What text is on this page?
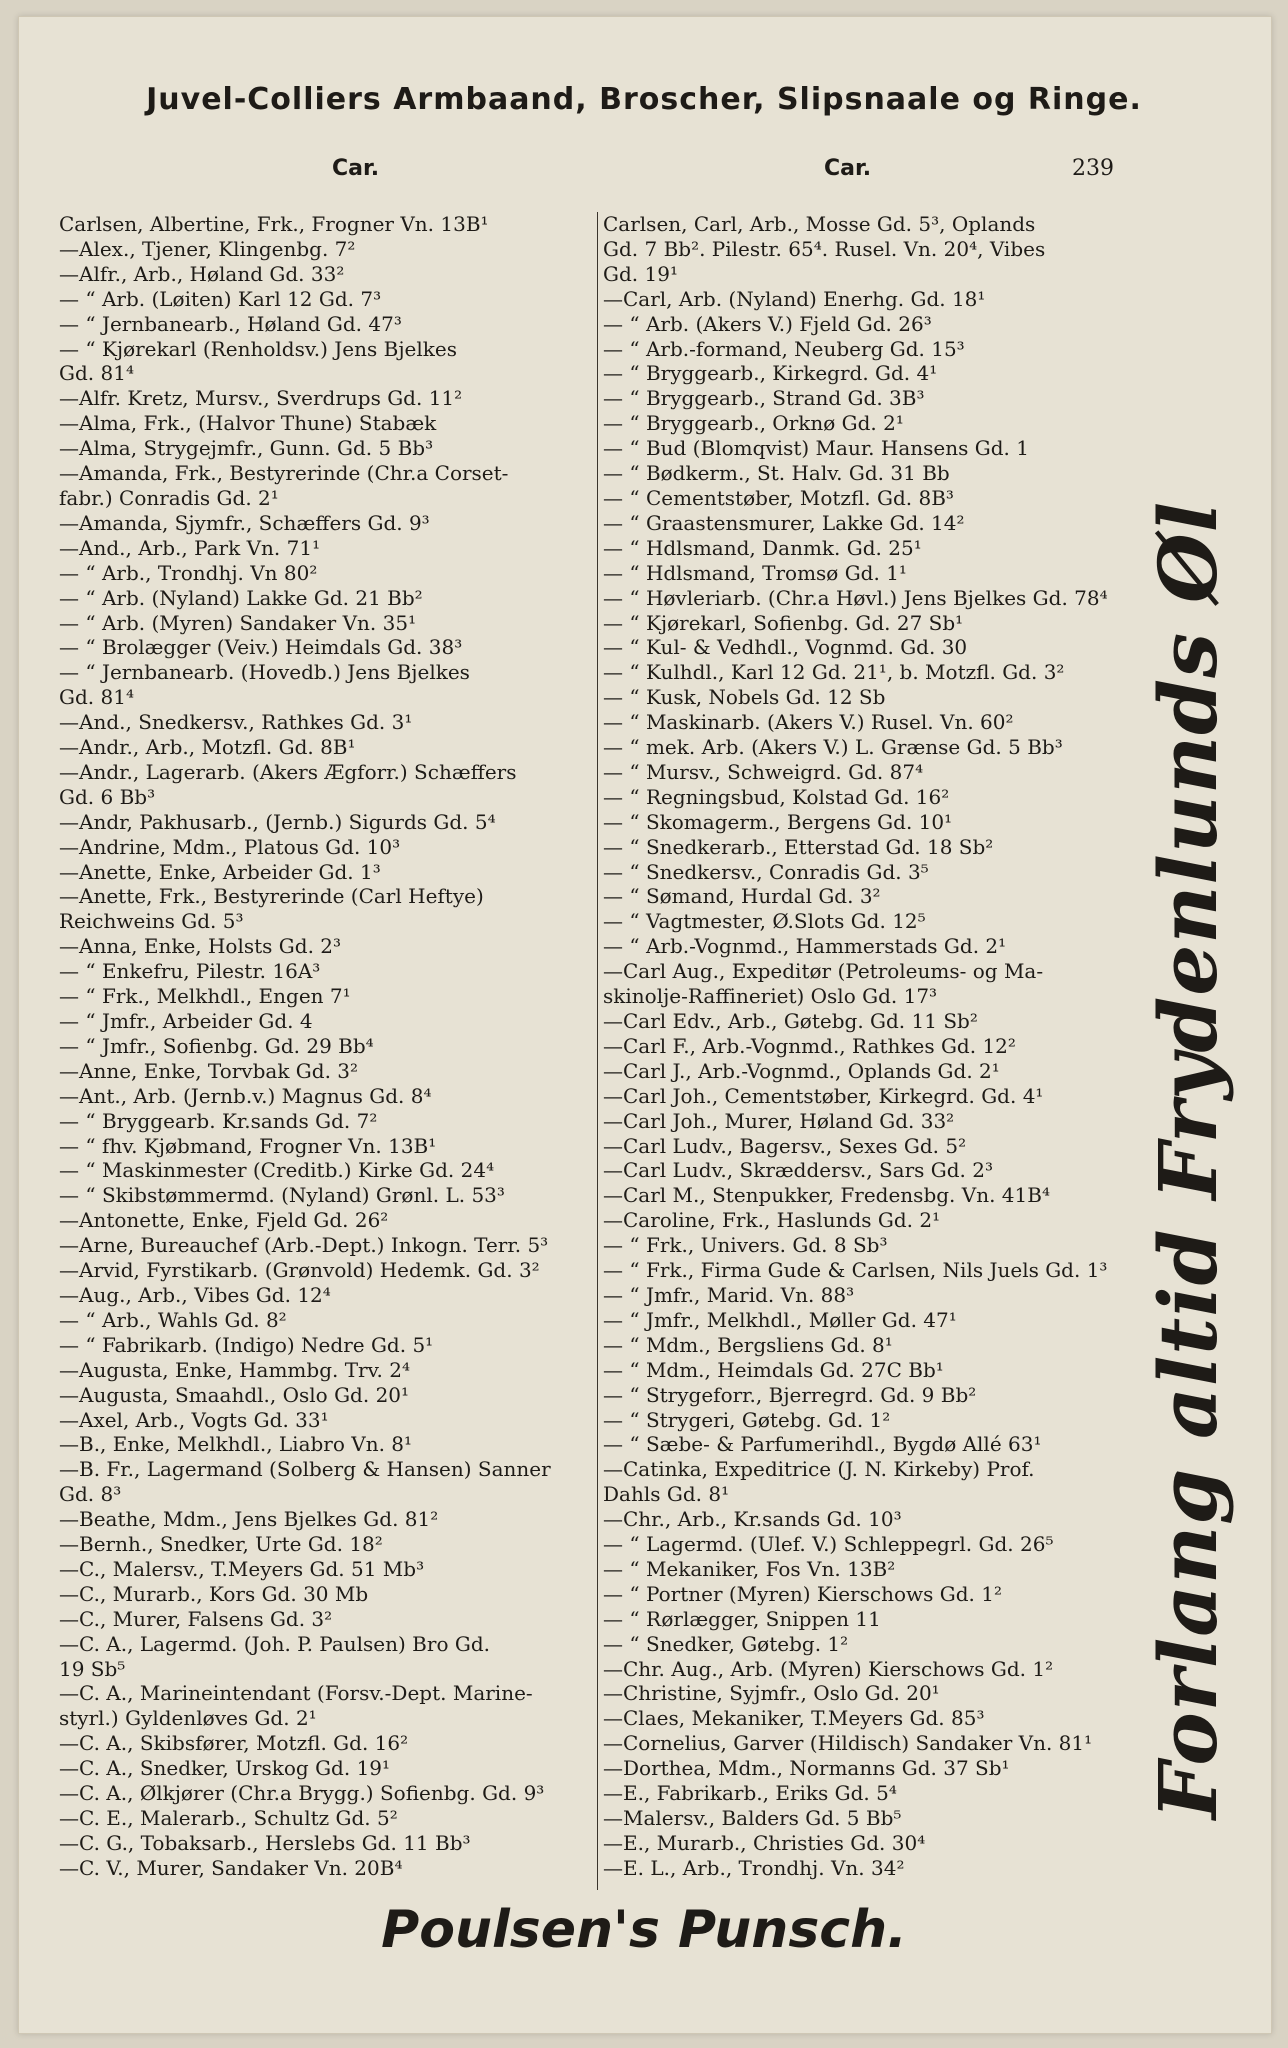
Juvel-Colliers Armbaand, Broscher, Slipsnaale og Ringe.
Car.	Car.	239
Carlsen, Albertine, Frk., Frogner Vn. 13B¹
—Alex., Tjener, Klingenbg. 7²
—Alfr., Arb., Høland Gd. 33²
— “ Arb. (Løiten) Karl 12 Gd. 7³
— “ Jernbanearb., Høland Gd. 47³
— “ Kjørekarl (Renholdsv.) Jens Bjelkes
Gd. 81⁴
—Alfr. Kretz, Mursv., Sverdrups Gd. 11²
—Alma, Frk., (Halvor Thune) Stabæk
—Alma, Strygejmfr., Gunn. Gd. 5 Bb³
—Amanda, Frk., Bestyrerinde (Chr.a Corset-
fabr.) Conradis Gd. 2¹
—Amanda, Sjymfr., Schæffers Gd. 9³
—And., Arb., Park Vn. 71¹
— “ Arb., Trondhj. Vn 80²
— “ Arb. (Nyland) Lakke Gd. 21 Bb²
— “ Arb. (Myren) Sandaker Vn. 35¹
— “ Brolægger (Veiv.) Heimdals Gd. 38³
— “ Jernbanearb. (Hovedb.) Jens Bjelkes
Gd. 81⁴
—And., Snedkersv., Rathkes Gd. 3¹
—Andr., Arb., Motzfl. Gd. 8B¹
—Andr., Lagerarb. (Akers Ægforr.) Schæffers
Gd. 6 Bb³
—Andr, Pakhusarb., (Jernb.) Sigurds Gd. 5⁴
—Andrine, Mdm., Platous Gd. 10³
—Anette, Enke, Arbeider Gd. 1³
—Anette, Frk., Bestyrerinde (Carl Heftye)
Reichweins Gd. 5³
—Anna, Enke, Holsts Gd. 2³
— “ Enkefru, Pilestr. 16A³
— “ Frk., Melkhdl., Engen 7¹
— “ Jmfr., Arbeider Gd. 4
— “ Jmfr., Sofienbg. Gd. 29 Bb⁴
—Anne, Enke, Torvbak Gd. 3²
—Ant., Arb. (Jernb.v.) Magnus Gd. 8⁴
— “ Bryggearb. Kr.sands Gd. 7²
— “ fhv. Kjøbmand, Frogner Vn. 13B¹
— “ Maskinmester (Creditb.) Kirke Gd. 24⁴
— “ Skibstømmermd. (Nyland) Grønl. L. 53³
—Antonette, Enke, Fjeld Gd. 26²
—Arne, Bureauchef (Arb.-Dept.) Inkogn. Terr. 5³
—Arvid, Fyrstikarb. (Grønvold) Hedemk. Gd. 3²
—Aug., Arb., Vibes Gd. 12⁴
— “ Arb., Wahls Gd. 8²
— “ Fabrikarb. (Indigo) Nedre Gd. 5¹
—Augusta, Enke, Hammbg. Trv. 2⁴
—Augusta, Smaahdl., Oslo Gd. 20¹
—Axel, Arb., Vogts Gd. 33¹
—B., Enke, Melkhdl., Liabro Vn. 8¹
—B. Fr., Lagermand (Solberg & Hansen) Sanner
Gd. 8³
—Beathe, Mdm., Jens Bjelkes Gd. 81²
—Bernh., Snedker, Urte Gd. 18²
—C., Malersv., T.Meyers Gd. 51 Mb³
—C., Murarb., Kors Gd. 30 Mb
—C., Murer, Falsens Gd. 3²
—C. A., Lagermd. (Joh. P. Paulsen) Bro Gd.
19 Sb⁵
—C. A., Marineintendant (Forsv.-Dept. Marine-
styrl.) Gyldenløves Gd. 2¹
—C. A., Skibsfører, Motzfl. Gd. 16²
—C. A., Snedker, Urskog Gd. 19¹
—C. A., Ølkjører (Chr.a Brygg.) Sofienbg. Gd. 9³
—C. E., Malerarb., Schultz Gd. 5²
—C. G., Tobaksarb., Herslebs Gd. 11 Bb³
—C. V., Murer, Sandaker Vn. 20B⁴
Carlsen, Carl, Arb., Mosse Gd. 5³, Oplands
Gd. 7 Bb². Pilestr. 65⁴. Rusel. Vn. 20⁴, Vibes
Gd. 19¹
—Carl, Arb. (Nyland) Enerhg. Gd. 18¹
— “ Arb. (Akers V.) Fjeld Gd. 26³
— “ Arb.-formand, Neuberg Gd. 15³
— “ Bryggearb., Kirkegrd. Gd. 4¹
— “ Bryggearb., Strand Gd. 3B³
— “ Bryggearb., Orknø Gd. 2¹
— “ Bud (Blomqvist) Maur. Hansens Gd. 1
— “ Bødkerm., St. Halv. Gd. 31 Bb
— “ Cementstøber, Motzfl. Gd. 8B³
— “ Graastensmurer, Lakke Gd. 14²
— “ Hdlsmand, Danmk. Gd. 25¹
— “ Hdlsmand, Tromsø Gd. 1¹
— “ Høvleriarb. (Chr.a Høvl.) Jens Bjelkes Gd. 78⁴
— “ Kjørekarl, Sofienbg. Gd. 27 Sb¹
— “ Kul- & Vedhdl., Vognmd. Gd. 30
— “ Kulhdl., Karl 12 Gd. 21¹, b. Motzfl. Gd. 3²
— “ Kusk, Nobels Gd. 12 Sb
— “ Maskinarb. (Akers V.) Rusel. Vn. 60²
— “ mek. Arb. (Akers V.) L. Grænse Gd. 5 Bb³
— “ Mursv., Schweigrd. Gd. 87⁴
— “ Regningsbud, Kolstad Gd. 16²
— “ Skomagerm., Bergens Gd. 10¹
— “ Snedkerarb., Etterstad Gd. 18 Sb²
— “ Snedkersv., Conradis Gd. 3⁵
— “ Sømand, Hurdal Gd. 3²
— “ Vagtmester, Ø.Slots Gd. 12⁵
— “ Arb.-Vognmd., Hammerstads Gd. 2¹
—Carl Aug., Expeditør (Petroleums- og Ma-
skinolje-Raffineriet) Oslo Gd. 17³
—Carl Edv., Arb., Gøtebg. Gd. 11 Sb²
—Carl F., Arb.-Vognmd., Rathkes Gd. 12²
—Carl J., Arb.-Vognmd., Oplands Gd. 2¹
—Carl Joh., Cementstøber, Kirkegrd. Gd. 4¹
—Carl Joh., Murer, Høland Gd. 33²
—Carl Ludv., Bagersv., Sexes Gd. 5²
—Carl Ludv., Skræddersv., Sars Gd. 2³
—Carl M., Stenpukker, Fredensbg. Vn. 41B⁴
—Caroline, Frk., Haslunds Gd. 2¹
— “ Frk., Univers. Gd. 8 Sb³
— “ Frk., Firma Gude & Carlsen, Nils Juels Gd. 1³
— “ Jmfr., Marid. Vn. 88³
— “ Jmfr., Melkhdl., Møller Gd. 47¹
— “ Mdm., Bergsliens Gd. 8¹
— “ Mdm., Heimdals Gd. 27C Bb¹
— “ Strygeforr., Bjerregrd. Gd. 9 Bb²
— “ Strygeri, Gøtebg. Gd. 1²
— “ Sæbe- & Parfumerihdl., Bygdø Allé 63¹
—Catinka, Expeditrice (J. N. Kirkeby) Prof.
Dahls Gd. 8¹
—Chr., Arb., Kr.sands Gd. 10³
— “ Lagermd. (Ulef. V.) Schleppegrl. Gd. 26⁵
— “ Mekaniker, Fos Vn. 13B²
— “ Portner (Myren) Kierschows Gd. 1²
— “ Rørlægger, Snippen 11
— “ Snedker, Gøtebg. 1²
—Chr. Aug., Arb. (Myren) Kierschows Gd. 1²
—Christine, Syjmfr., Oslo Gd. 20¹
—Claes, Mekaniker, T.Meyers Gd. 85³
—Cornelius, Garver (Hildisch) Sandaker Vn. 81¹
—Dorthea, Mdm., Normanns Gd. 37 Sb¹
—E., Fabrikarb., Eriks Gd. 5⁴
—Malersv., Balders Gd. 5 Bb⁵
—E., Murarb., Christies Gd. 30⁴
—E. L., Arb., Trondhj. Vn. 34²
Forlang altid Frydenlunds Øl
Poulsen's Punsch.
